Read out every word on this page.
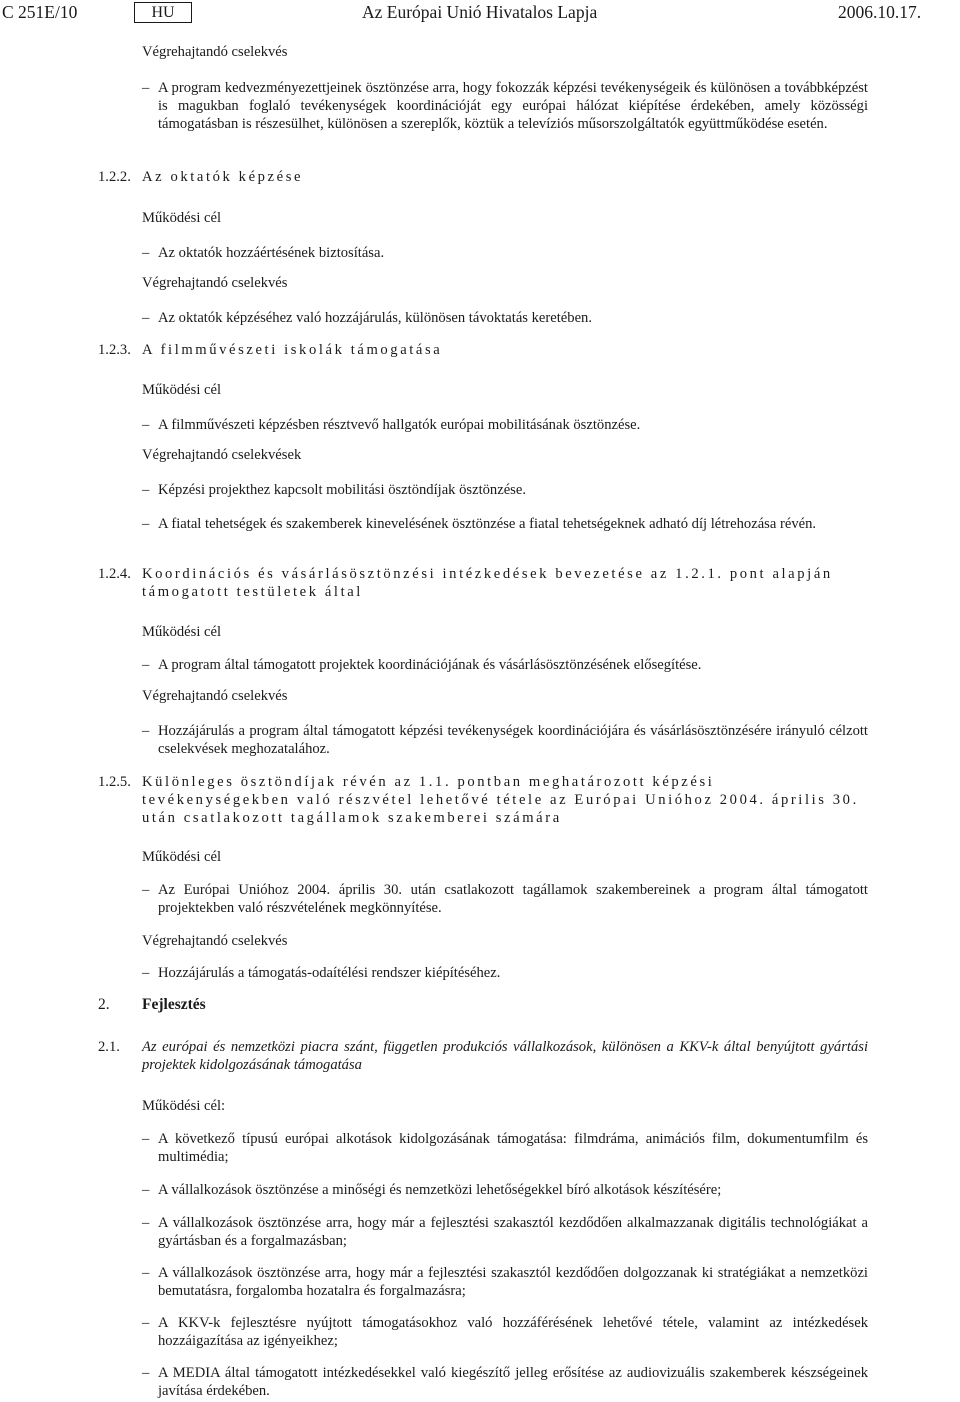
C 251E/10	HU	Az Európai Unió Hivatalos Lapja	2006.10.17.
Végrehajtandó cselekvés
– A program kedvezményezettjeinek ösztönzése arra, hogy fokozzák képzési tevékenységeik és különösen a továbbképzést is magukban foglaló tevékenységek koordinációját egy európai hálózat kiépítése érdekében, amely közösségi támogatásban is részesülhet, különösen a szereplők, köztük a televíziós műsorszolgáltatók együttműködése esetén.
1.2.2. Az oktatók képzése
Működési cél
– Az oktatók hozzáértésének biztosítása.
Végrehajtandó cselekvés
– Az oktatók képzéséhez való hozzájárulás, különösen távoktatás keretében.
1.2.3. A filmművészeti iskolák támogatása
Működési cél
– A filmművészeti képzésben résztvevő hallgatók európai mobilitásának ösztönzése.
Végrehajtandó cselekvések
– Képzési projekthez kapcsolt mobilitási ösztöndíjak ösztönzése.
– A fiatal tehetségek és szakemberek kinevelésének ösztönzése a fiatal tehetségeknek adható díj létrehozása révén.
1.2.4. Koordinációs és vásárlásösztönzési intézkedések bevezetése az 1.2.1. pont alapján támogatott testületek által
Működési cél
– A program által támogatott projektek koordinációjának és vásárlásösztönzésének elősegítése.
Végrehajtandó cselekvés
– Hozzájárulás a program által támogatott képzési tevékenységek koordinációjára és vásárlásösztönzésére irányuló célzott cselekvések meghozatalához.
1.2.5. Különleges ösztöndíjak révén az 1.1. pontban meghatározott képzési tevékenységekben való részvétel lehetővé tétele az Európai Unióhoz 2004. április 30. után csatlakozott tagállamok szakemberei számára
Működési cél
– Az Európai Unióhoz 2004. április 30. után csatlakozott tagállamok szakembereinek a program által támogatott projektekben való részvételének megkönnyítése.
Végrehajtandó cselekvés
– Hozzájárulás a támogatás-odaítélési rendszer kiépítéséhez.
2. Fejlesztés
2.1. Az európai és nemzetközi piacra szánt, független produkciós vállalkozások, különösen a KKV-k által benyújtott gyártási projektek kidolgozásának támogatása
Működési cél:
– A következő típusú európai alkotások kidolgozásának támogatása: filmdráma, animációs film, dokumentumfilm és multimédia;
– A vállalkozások ösztönzése a minőségi és nemzetközi lehetőségekkel bíró alkotások készítésére;
– A vállalkozások ösztönzése arra, hogy már a fejlesztési szakasztól kezdődően alkalmazzanak digitális technológiákat a gyártásban és a forgalmazásban;
– A vállalkozások ösztönzése arra, hogy már a fejlesztési szakasztól kezdődően dolgozzanak ki stratégiákat a nemzetközi bemutatásra, forgalomba hozatalra és forgalmazásra;
– A KKV-k fejlesztésre nyújtott támogatásokhoz való hozzáférésének lehetővé tétele, valamint az intézkedések hozzáigazítása az igényeikhez;
– A MEDIA által támogatott intézkedésekkel való kiegészítő jelleg erősítése az audiovizuális szakemberek készségeinek javítása érdekében.
